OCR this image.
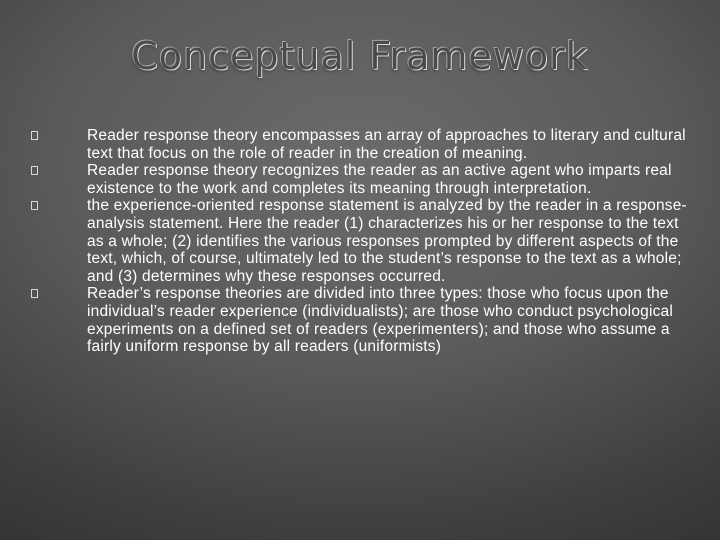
Conceptual Framework
Reader response theory encompasses an array of approaches to literary and cultural text that focus on the role of reader in the creation of meaning.
Reader response theory recognizes the reader as an active agent who imparts real existence to the work and completes its meaning through interpretation.
the experience-oriented response statement is analyzed by the reader in a response-analysis statement. Here the reader (1) characterizes his or her response to the text as a whole; (2) identifies the various responses prompted by different aspects of the text, which, of course, ultimately led to the student’s response to the text as a whole; and (3) determines why these responses occurred.
Reader’s response theories are divided into three types: those who focus upon the individual’s reader experience (individualists); are those who conduct psychological experiments on a defined set of readers (experimenters); and those who assume a fairly uniform response by all readers (uniformists)
